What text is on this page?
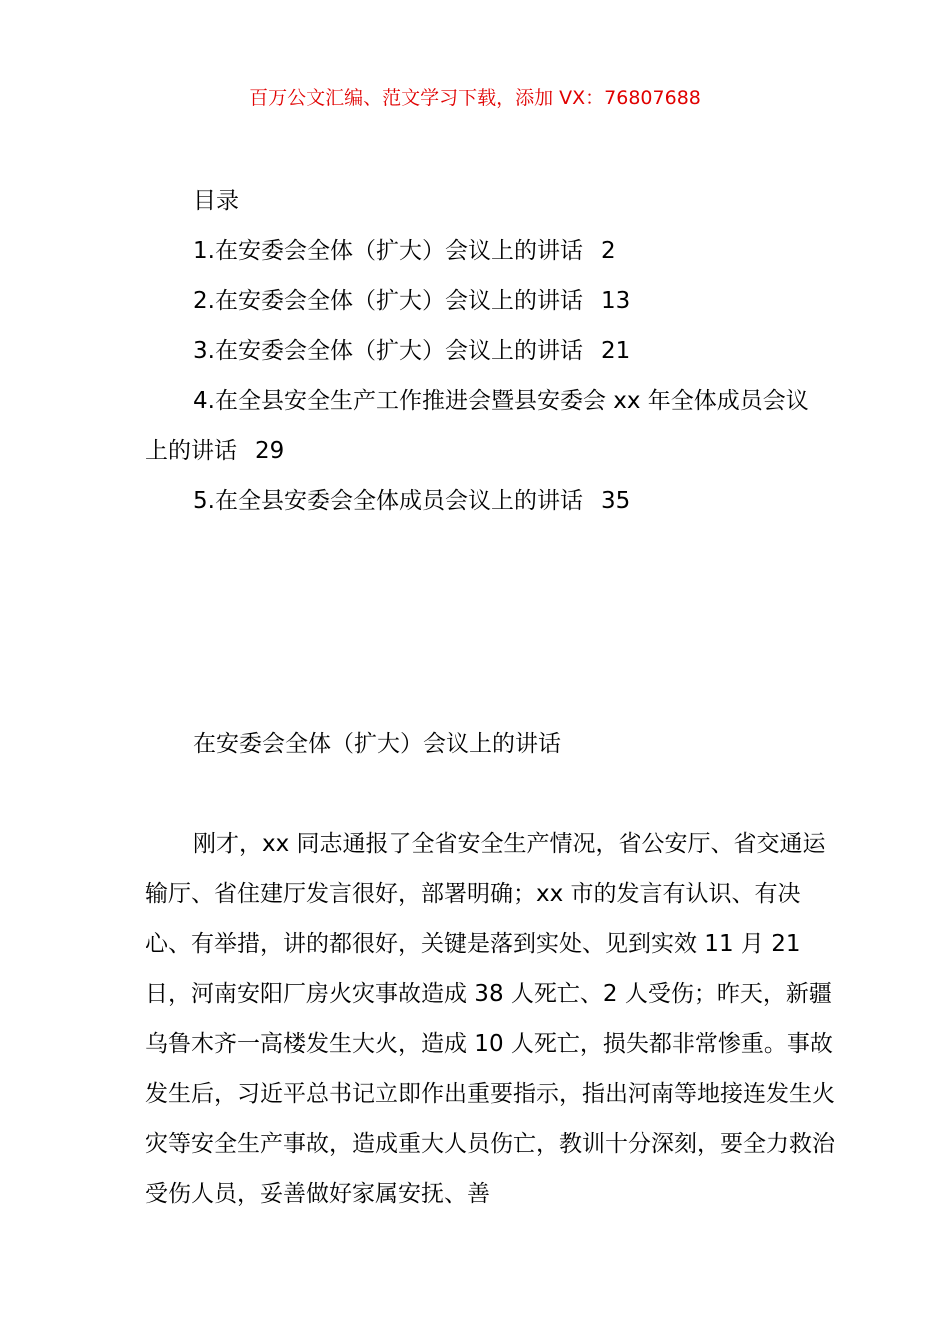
百万公文汇编、范文学习下载，添加 VX：76807688
目录
1.在安委会全体（扩大）会议上的讲话 2
2.在安委会全体（扩大）会议上的讲话 13
3.在安委会全体（扩大）会议上的讲话 21
4.在全县安全生产工作推进会暨县安委会 xx 年全体成员会议上的讲话 29
5.在全县安委会全体成员会议上的讲话 35
在安委会全体（扩大）会议上的讲话

刚才，xx 同志通报了全省安全生产情况，省公安厅、省交通运输厅、省住建厅发言很好，部署明确；xx 市的发言有认识、有决心、有举措，讲的都很好，关键是落到实处、见到实效 11 月 21 日，河南安阳厂房火灾事故造成 38 人死亡、2 人受伤；昨天，新疆乌鲁木齐一高楼发生大火，造成 10 人死亡，损失都非常惨重。事故发生后，习近平总书记立即作出重要指示，指出河南等地接连发生火灾等安全生产事故，造成重大人员伤亡，教训十分深刻，要全力救治受伤人员，妥善做好家属安抚、善
